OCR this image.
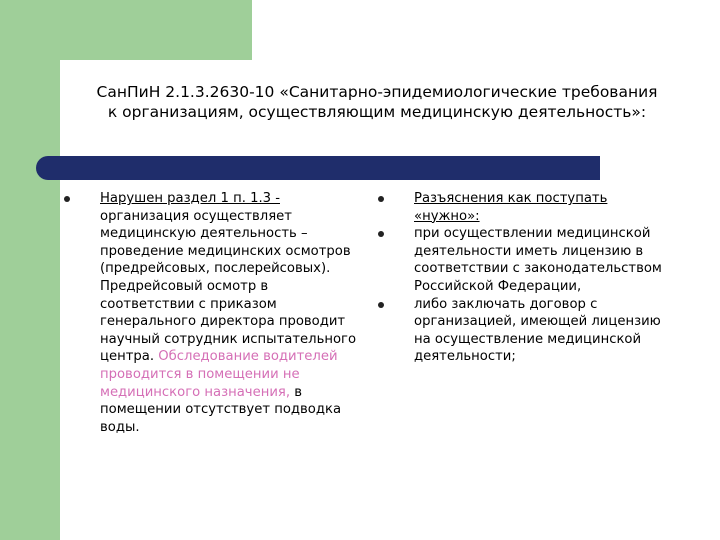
СанПиН 2.1.3.2630-10 «Санитарно-эпидемиологические требования к организациям, осуществляющим медицинскую деятельность»:
Нарушен раздел 1 п. 1.3 - организация осуществляет медицинскую деятельность – проведение медицинских осмотров (предрейсовых, послерейсовых). Предрейсовый осмотр в соответствии с приказом генерального директора проводит научный сотрудник испытательного центра. Обследование водителей проводится в помещении не медицинского назначения, в помещении отсутствует подводка воды.
Разъяснения как поступать «нужно»:
при осуществлении медицинской деятельности иметь лицензию в соответствии с законодательством Российской Федерации,
либо заключать договор с организацией, имеющей лицензию на осуществление медицинской деятельности;
